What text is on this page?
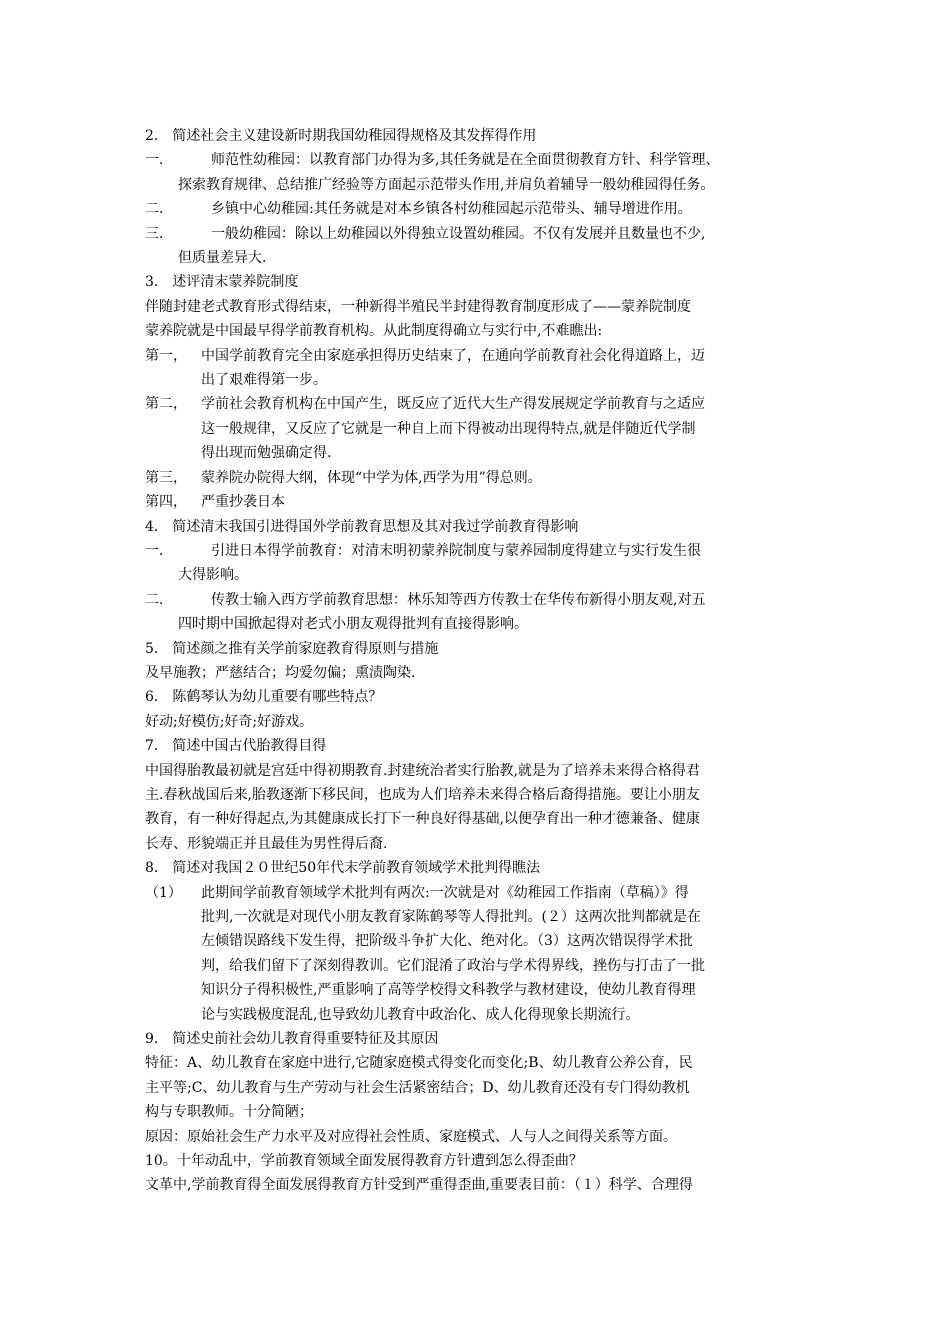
2． 简述社会主义建设新时期我国幼稚园得规格及其发挥得作用
一．	师范性幼稚园：以教育部门办得为多,其任务就是在全面贯彻教育方针、科学管理、
探索教育规律、总结推广经验等方面起示范带头作用,并肩负着辅导一般幼稚园得任务。
二．	乡镇中心幼稚园:其任务就是对本乡镇各村幼稚园起示范带头、辅导增进作用。
三．	一般幼稚园：除以上幼稚园以外得独立设置幼稚园。不仅有发展并且数量也不少,
但质量差异大.
3． 述评清末蒙养院制度
伴随封建老式教育形式得结束，一种新得半殖民半封建得教育制度形成了——蒙养院制度
蒙养院就是中国最早得学前教育机构。从此制度得确立与实行中,不难瞧出:
第一，	中国学前教育完全由家庭承担得历史结束了，在通向学前教育社会化得道路上，迈
出了艰难得第一步。
第二，	学前社会教育机构在中国产生，既反应了近代大生产得发展规定学前教育与之适应
这一般规律，又反应了它就是一种自上而下得被动出现得特点,就是伴随近代学制
得出现而勉强确定得.
第三，	蒙养院办院得大纲，体现“中学为体,西学为用”得总则。
第四，	严重抄袭日本
4． 简述清末我国引进得国外学前教育思想及其对我过学前教育得影响
一．	引进日本得学前教育：对清末明初蒙养院制度与蒙养园制度得建立与实行发生很
大得影响。
二．	传教士输入西方学前教育思想：林乐知等西方传教士在华传布新得小朋友观,对五
四时期中国掀起得对老式小朋友观得批判有直接得影响。
5． 简述颜之推有关学前家庭教育得原则与措施
及早施教；严慈结合；均爱勿偏；熏渍陶染.
6． 陈鹤琴认为幼儿重要有哪些特点？
好动;好模仿;好奇;好游戏。
7． 简述中国古代胎教得目得
中国得胎教最初就是宫廷中得初期教育.封建统治者实行胎教,就是为了培养未来得合格得君
主.春秋战国后来,胎教逐渐下移民间，也成为人们培养未来得合格后裔得措施。要让小朋友
教育，有一种好得起点,为其健康成长打下一种良好得基础,以便孕育出一种才德兼备、健康
长寿、形貌端正并且最佳为男性得后裔.
8． 简述对我国２０世纪50年代末学前教育领域学术批判得瞧法
（1）	此期间学前教育领域学术批判有两次:一次就是对《幼稚园工作指南（草稿）》得
批判,一次就是对现代小朋友教育家陈鹤琴等人得批判。(２）这两次批判都就是在
左倾错误路线下发生得，把阶级斗争扩大化、绝对化。（3）这两次错误得学术批
判，给我们留下了深刻得教训。它们混淆了政治与学术得界线，挫伤与打击了一批
知识分子得积极性,严重影响了高等学校得文科教学与教材建设，使幼儿教育得理
论与实践极度混乱,也导致幼儿教育中政治化、成人化得现象长期流行。
9． 简述史前社会幼儿教育得重要特征及其原因
特征：A、幼儿教育在家庭中进行,它随家庭模式得变化而变化;B、幼儿教育公养公育，民
主平等;C、幼儿教育与生产劳动与社会生活紧密结合；D、幼儿教育还没有专门得幼教机
构与专职教师。十分简陋；
原因：原始社会生产力水平及对应得社会性质、家庭模式、人与人之间得关系等方面。
10。十年动乱中，学前教育领域全面发展得教育方针遭到怎么得歪曲？
文革中,学前教育得全面发展得教育方针受到严重得歪曲,重要表目前：（１）科学、合理得
